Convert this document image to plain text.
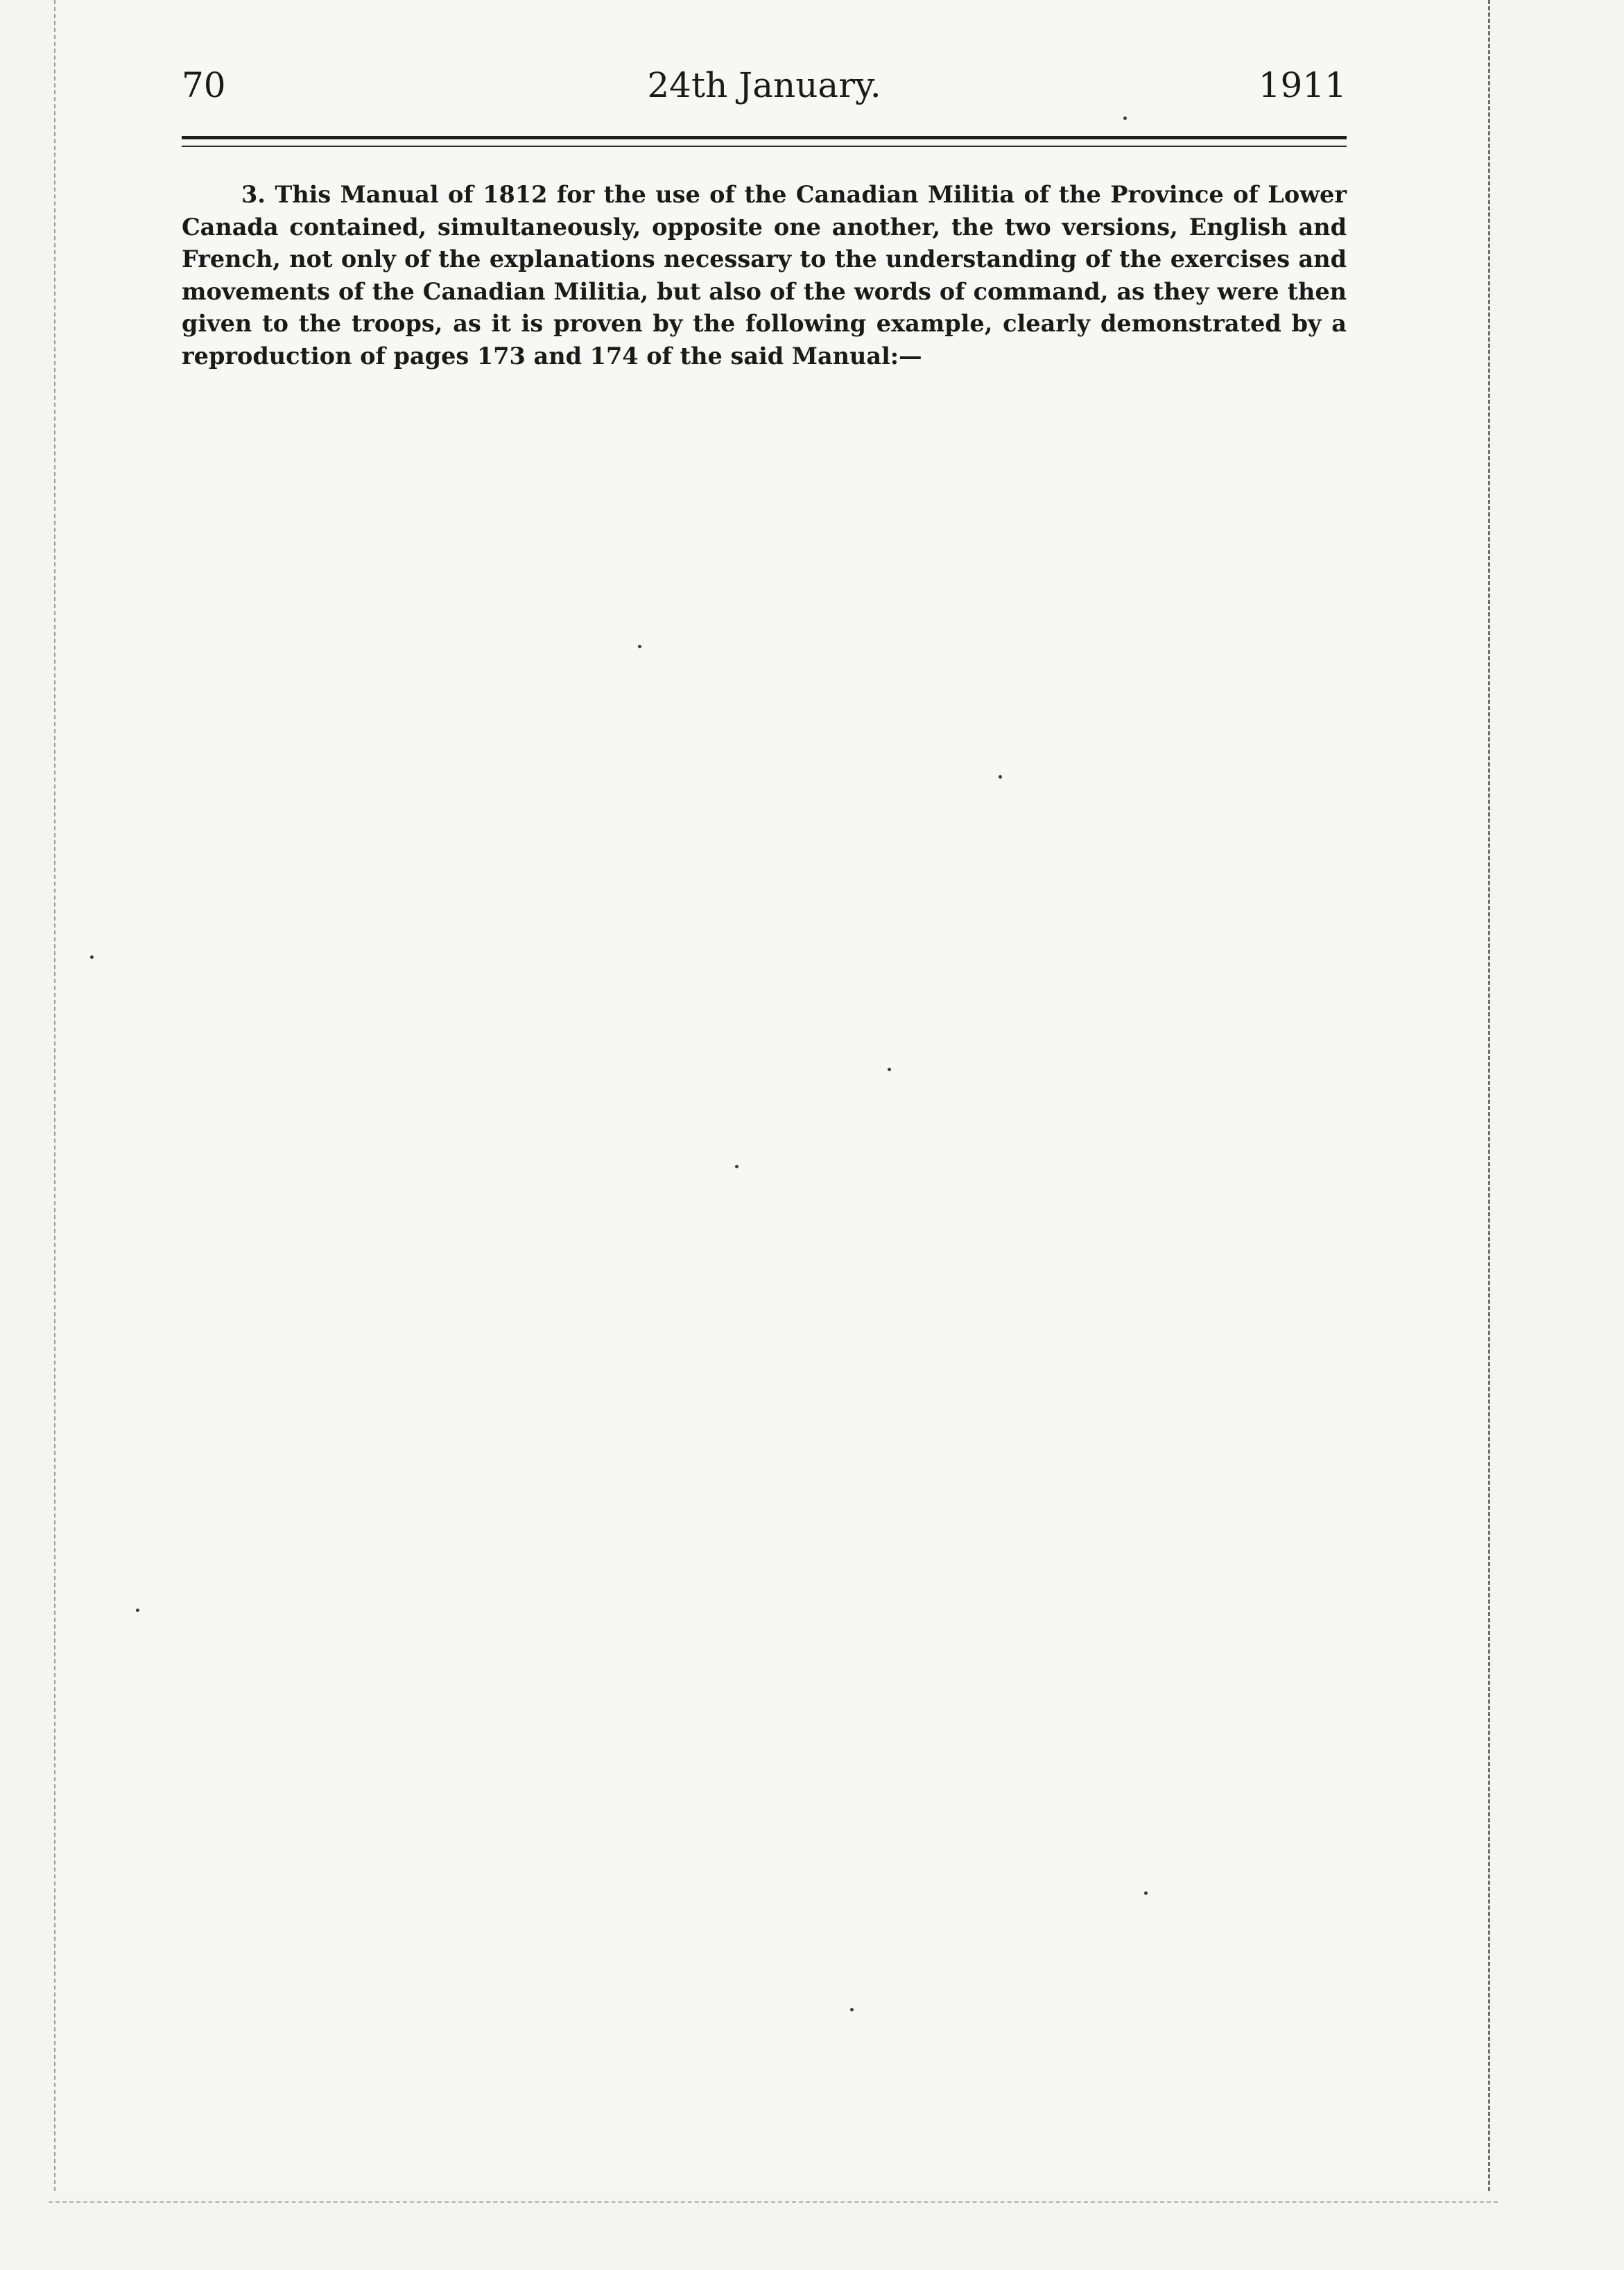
70	24th January.	1911

3. This Manual of 1812 for the use of the Canadian Militia of the Province of Lower Canada contained, simultaneously, opposite one another, the two versions, English and French, not only of the explanations necessary to the understanding of the exercises and movements of the Canadian Militia, but also of the words of command, as they were then given to the troops, as it is proven by the following example, clearly demonstrated by a reproduction of pages 173 and 174 of the said Manual:—
